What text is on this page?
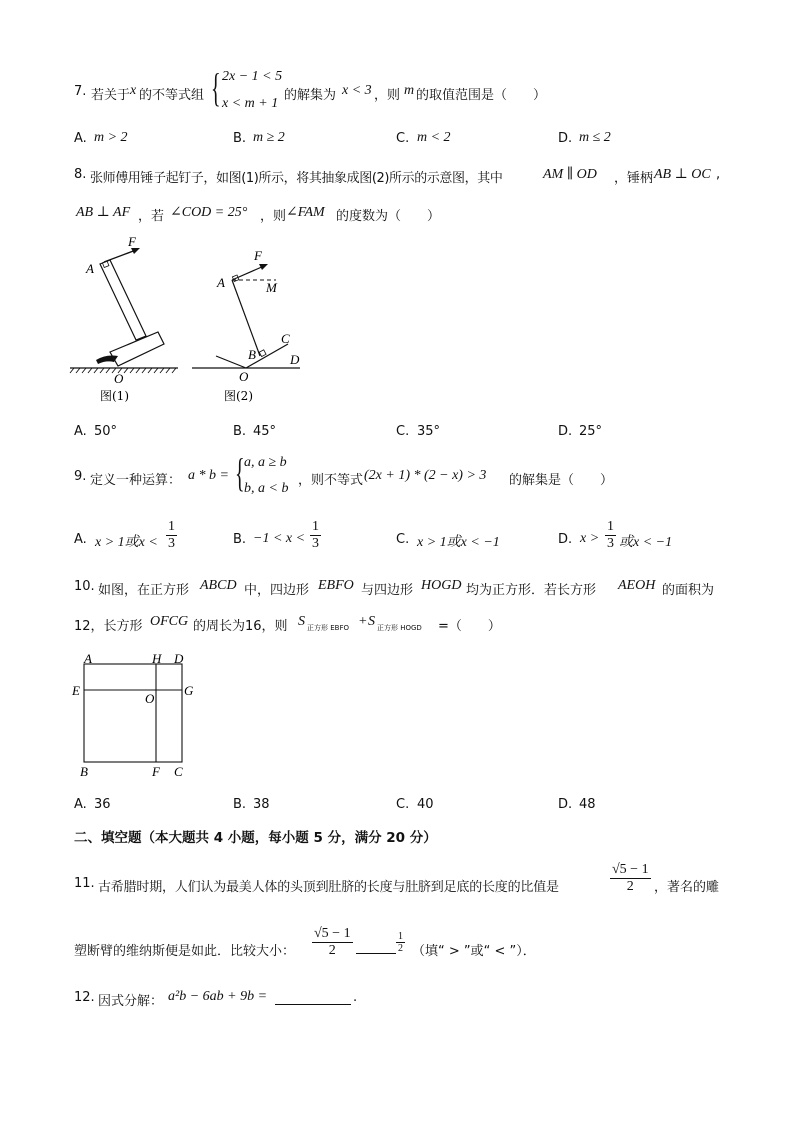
7. 若关于 x 的不等式组 { 2x − 1 < 5
x < m + 1
的解集为 x < 3 ，则 m 的取值范围是（　　）
A. m > 2	B. m ≥ 2	C. m < 2	D. m ≤ 2
8. 张师傅用锤子起钉子，如图(1)所示，将其抽象成图(2)所示的示意图，其中	AM ∥ OD ，锤柄 AB ⊥ OC ,
AB ⊥ AF ，若 ∠COD = 25° ，则 ∠FAM 的度数为（　　）
F
A
O
图(1)
F
A	M
C
B	D
O
图(2)
A. 50°	B. 45°	C. 35°	D. 25°
9. 定义一种运算： a * b = { a, a ≥ b
b, a < b
，则不等式 (2x + 1) * (2 − x) > 3 的解集是（　　）
A. x > 1或$x < \frac{1}{3}$	B. $-1 < x < \frac{1}{3}$	C. x > 1或x < −1	D. $x > \frac{1}{3}$ 或x < −1
10. 如图，在正方形 ABCD 中，四边形 EBFO 与四边形 HOGD 均为正方形．若长方形 AEOH 的面积为
12，长方形 OFCG 的周长为16，则 S 正方形 EBFO + S 正方形 HOGD =（　　）
A	H D
E
O
G
B	F C
A. 36	B. 38	C. 40	D. 48
二、填空题（本大题共 4 小题，每小题 5 分，满分 20 分）
11. 古希腊时期，人们认为最美人体的头顶到肚脐的长度与肚脐到足底的长度的比值是	$\frac{√5 - 1}{2}$ ，著名的雕
塑断臂的维纳斯便是如此．比较大小： $\frac{√5 - 1}{2}$	$\frac{1}{2}$ （填“ > ”或“ < ”）．
12. 因式分解： a²b − 6ab + 9b =	.
